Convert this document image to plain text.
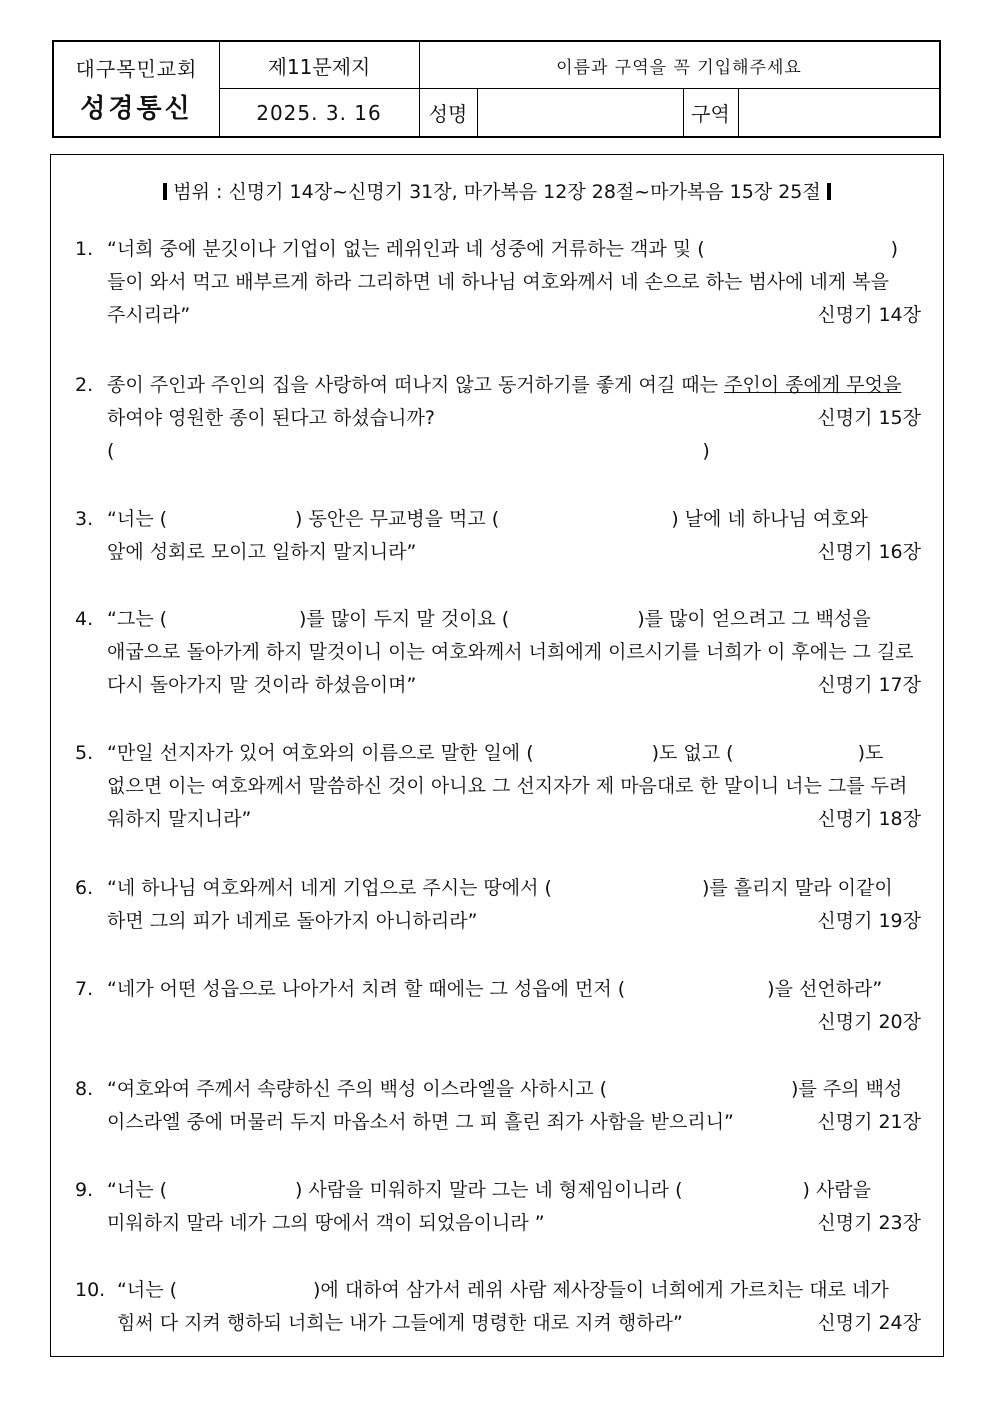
대구목민교회
성경통신
제11문제지
2025. 3. 16
이름과 구역을 꼭 기입해주세요
성명	구역
범위 : 신명기 14장~신명기 31장, 마가복음 12장 28절~마가복음 15장 25절
1. “너희 중에 분깃이나 기업이 없는 레위인과 네 성중에 거류하는 객과 및 (	)
들이 와서 먹고 배부르게 하라 그리하면 네 하나님 여호와께서 네 손으로 하는 범사에 네게 복을
주시리라”	신명기 14장
2. 종이 주인과 주인의 집을 사랑하여 떠나지 않고 동거하기를 좋게 여길 때는 주인이 종에게 무엇을
하여야 영원한 종이 된다고 하셨습니까?	신명기 15장
(	)
3. “너는 (	) 동안은 무교병을 먹고 (	) 날에 네 하나님 여호와
앞에 성회로 모이고 일하지 말지니라”	신명기 16장
4. “그는 (	)를 많이 두지 말 것이요 (	)를 많이 얻으려고 그 백성을
애굽으로 돌아가게 하지 말것이니 이는 여호와께서 너희에게 이르시기를 너희가 이 후에는 그 길로
다시 돌아가지 말 것이라 하셨음이며”	신명기 17장
5. “만일 선지자가 있어 여호와의 이름으로 말한 일에 (	)도 없고 (	)도
없으면 이는 여호와께서 말씀하신 것이 아니요 그 선지자가 제 마음대로 한 말이니 너는 그를 두려
워하지 말지니라”	신명기 18장
6. “네 하나님 여호와께서 네게 기업으로 주시는 땅에서 (	)를 흘리지 말라 이같이
하면 그의 피가 네게로 돌아가지 아니하리라”	신명기 19장
7. “네가 어떤 성읍으로 나아가서 치려 할 때에는 그 성읍에 먼저 (	)을 선언하라”
신명기 20장
8. “여호와여 주께서 속량하신 주의 백성 이스라엘을 사하시고 (	)를 주의 백성
이스라엘 중에 머물러 두지 마옵소서 하면 그 피 흘린 죄가 사함을 받으리니”	신명기 21장
9. “너는 (	) 사람을 미워하지 말라 그는 네 형제임이니라 (	) 사람을
미워하지 말라 네가 그의 땅에서 객이 되었음이니라 ”	신명기 23장
10. “너는 (	)에 대하여 삼가서 레위 사람 제사장들이 너희에게 가르치는 대로 네가
힘써 다 지켜 행하되 너희는 내가 그들에게 명령한 대로 지켜 행하라”	신명기 24장
